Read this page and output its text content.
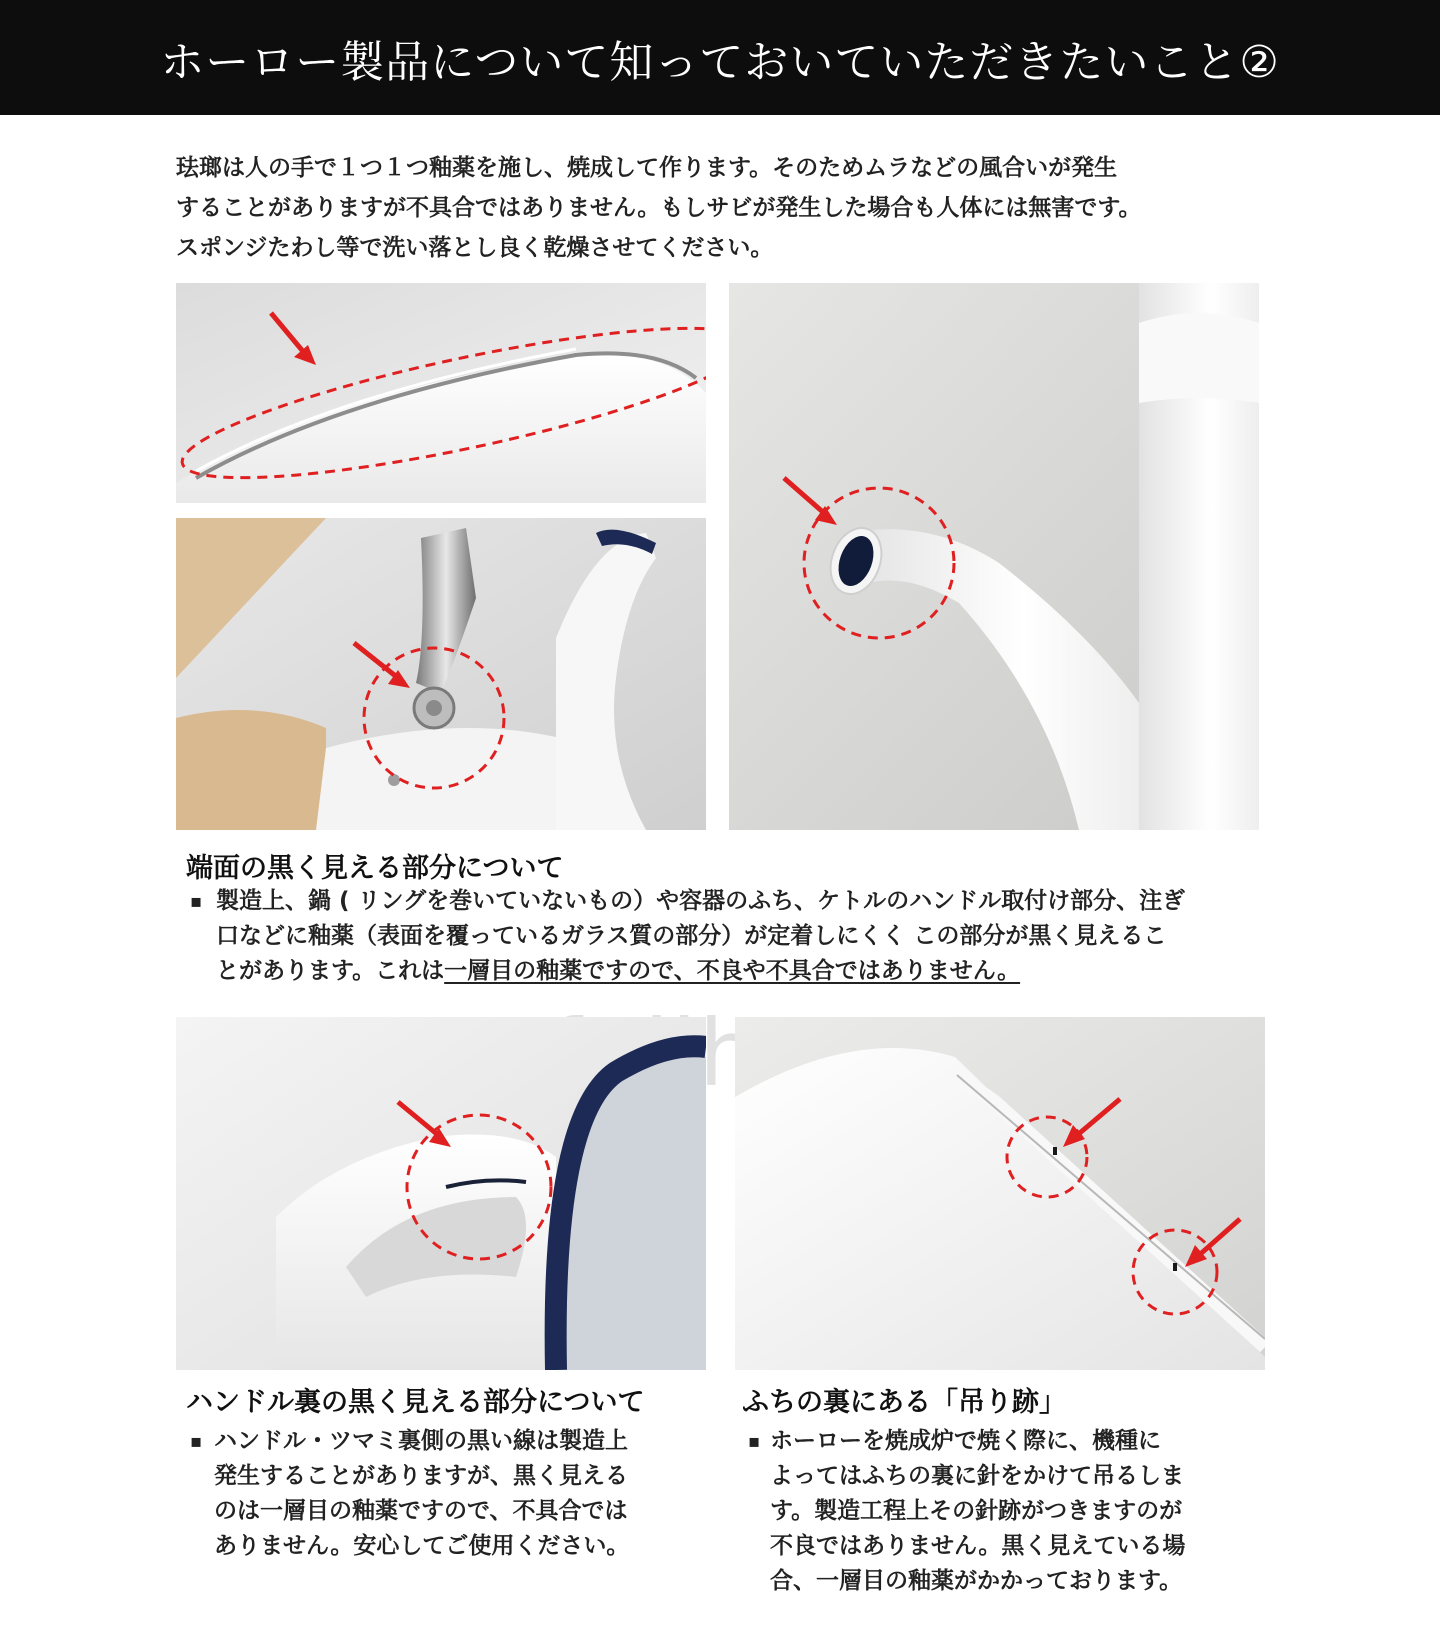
ホーロー製品について知っておいていただきたいこと②

珐瑯は人の手で１つ１つ釉薬を施し、焼成して作ります。そのためムラなどの風合いが発生

することがありますが不具合ではありません。もしサビが発生した場合も人体には無害です。

スポンジたわし等で洗い落とし良く乾燥させてください。

端面の黒く見える部分について
▪ 製造上、鍋 ( リングを巻いていないもの）や容器のふち、ケトルのハンドル取付け部分、注ぎ
口などに釉薬（表面を覆っているガラス質の部分）が定着しにくく この部分が黒く見えるこ
とがあります。これは一層目の釉薬ですので、不良や不具合ではありません。
ハンドル裏の黒く見える部分について
▪ ハンドル・ツマミ裏側の黒い線は製造上
発生することがありますが、黒く見える
のは一層目の釉薬ですので、不具合では
ありません。安心してご使用ください。
ふちの裏にある「吊り跡」
▪ ホーローを焼成炉で焼く際に、機種に
よってはふちの裏に針をかけて吊るしま
す。製造工程上その針跡がつきますのが
不良ではありません。黒く見えている場
合、一層目の釉薬がかかっております。
